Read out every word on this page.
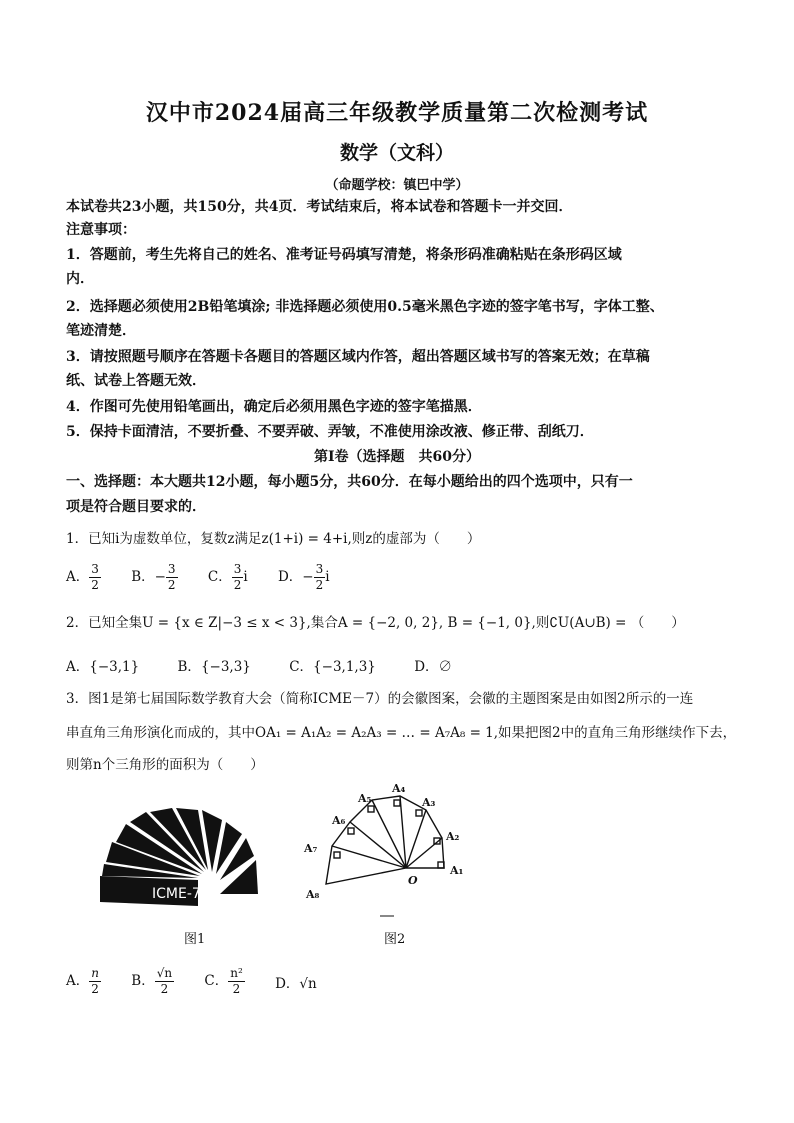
汉中市2024届高三年级教学质量第二次检测考试
数学（文科）
（命题学校：镇巴中学）
本试卷共23小题，共150分，共4页．考试结束后，将本试卷和答题卡一并交回．
注意事项：
1．答题前，考生先将自己的姓名、准考证号码填写清楚，将条形码准确粘贴在条形码区域
内．
2．选择题必须使用2B铅笔填涂; 非选择题必须使用0.5毫米黑色字迹的签字笔书写，字体工整、
笔迹清楚．
3．请按照题号顺序在答题卡各题目的答题区域内作答，超出答题区域书写的答案无效；在草稿
纸、试卷上答题无效．
4．作图可先使用铅笔画出，确定后必须用黑色字迹的签字笔描黑．
5．保持卡面清洁，不要折叠、不要弄破、弄皱，不准使用涂改液、修正带、刮纸刀．
第Ⅰ卷（选择题　共60分）
一、选择题：本大题共12小题，每小题5分，共60分．在每小题给出的四个选项中，只有一
项是符合题目要求的．
1．已知i为虚数单位，复数z满足z(1+i) = 4+i,则z的虚部为（　　）
A． $\frac{3}{2}$ B．− $\frac{3}{2}$ C． $\frac{3}{2}$ i D．− $\frac{3}{2}$ i
2．已知全集U = {x ∈ Z|−3 ≤ x < 3},集合A = {−2, 0, 2}, B = {−1, 0},则∁U(A∪B) = （　　）
A．{−3,1}	B．{−3,3}	C．{−3,1,3}	D．∅
3．图1是第七届国际数学教育大会（简称ICME－7）的会徽图案，会徽的主题图案是由如图2所示的一连
串直角三角形演化而成的，其中OA₁ = A₁A₂ = A₂A₃ = … = A₇A₈ = 1,如果把图2中的直角三角形继续作下去，
则第n个三角形的面积为（　　）
ICME-7
图1
A₁
A₂
A₃
A₄
A₅
A₆
A₇
A₈
O
图2
A． $\frac{n}{2}$ B． $\frac{√n}{2}$ C． $\frac{\text{n²}}{2}$ D．√n
